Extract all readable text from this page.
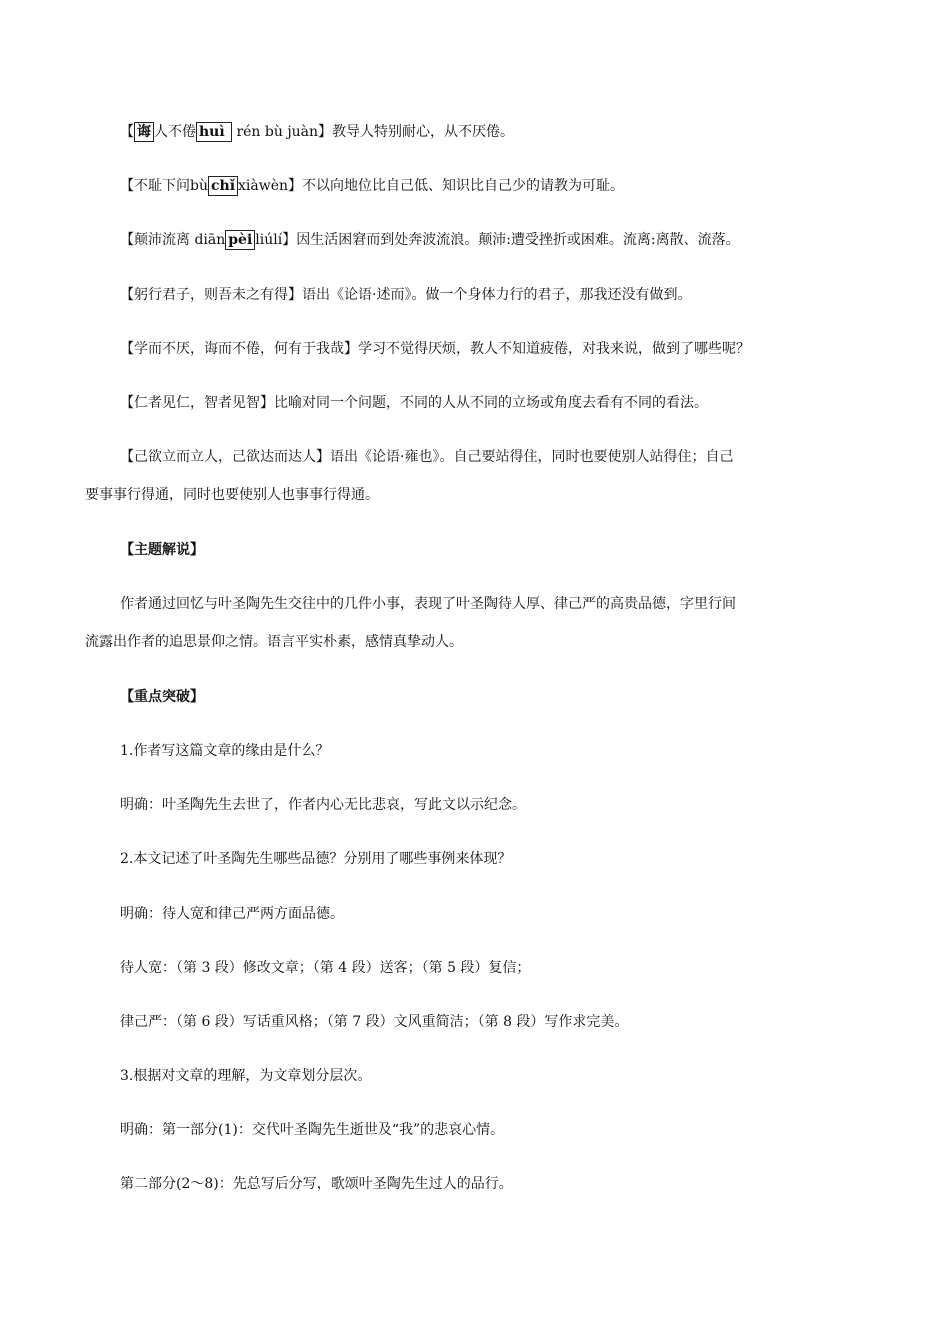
【 诲 人不倦 huì rén bù juàn】教导人特别耐心，从不厌倦。

【不耻下问bù chǐ xiàwèn】不以向地位比自己低、知识比自己少的请教为可耻。

【颠沛流离 diān pèi liúlí】因生活困窘而到处奔波流浪。颠沛:遭受挫折或困难。流离:离散、流落。

【躬行君子，则吾未之有得】语出《论语·述而》。做一个身体力行的君子，那我还没有做到。

【学而不厌，诲而不倦，何有于我哉】学习不觉得厌烦，教人不知道疲倦，对我来说，做到了哪些呢？

【仁者见仁，智者见智】比喻对同一个问题，不同的人从不同的立场或角度去看有不同的看法。

【己欲立而立人，己欲达而达人】语出《论语·雍也》。自己要站得住，同时也要使别人站得住；自己

要事事行得通，同时也要使别人也事事行得通。

【主题解说】

作者通过回忆与叶圣陶先生交往中的几件小事，表现了叶圣陶待人厚、律己严的高贵品德，字里行间

流露出作者的追思景仰之情。语言平实朴素，感情真挚动人。

【重点突破】

1.作者写这篇文章的缘由是什么？

明确：叶圣陶先生去世了，作者内心无比悲哀，写此文以示纪念。

2.本文记述了叶圣陶先生哪些品德？分别用了哪些事例来体现？

明确：待人宽和律己严两方面品德。

待人宽：（第 3 段）修改文章；（第 4 段）送客；（第 5 段）复信；

律己严：（第 6 段）写话重风格；（第 7 段）文风重简洁；（第 8 段）写作求完美。

3.根据对文章的理解，为文章划分层次。

明确：第一部分(1)：交代叶圣陶先生逝世及“我”的悲哀心情。

第二部分(2～8)：先总写后分写，歌颂叶圣陶先生过人的品行。
